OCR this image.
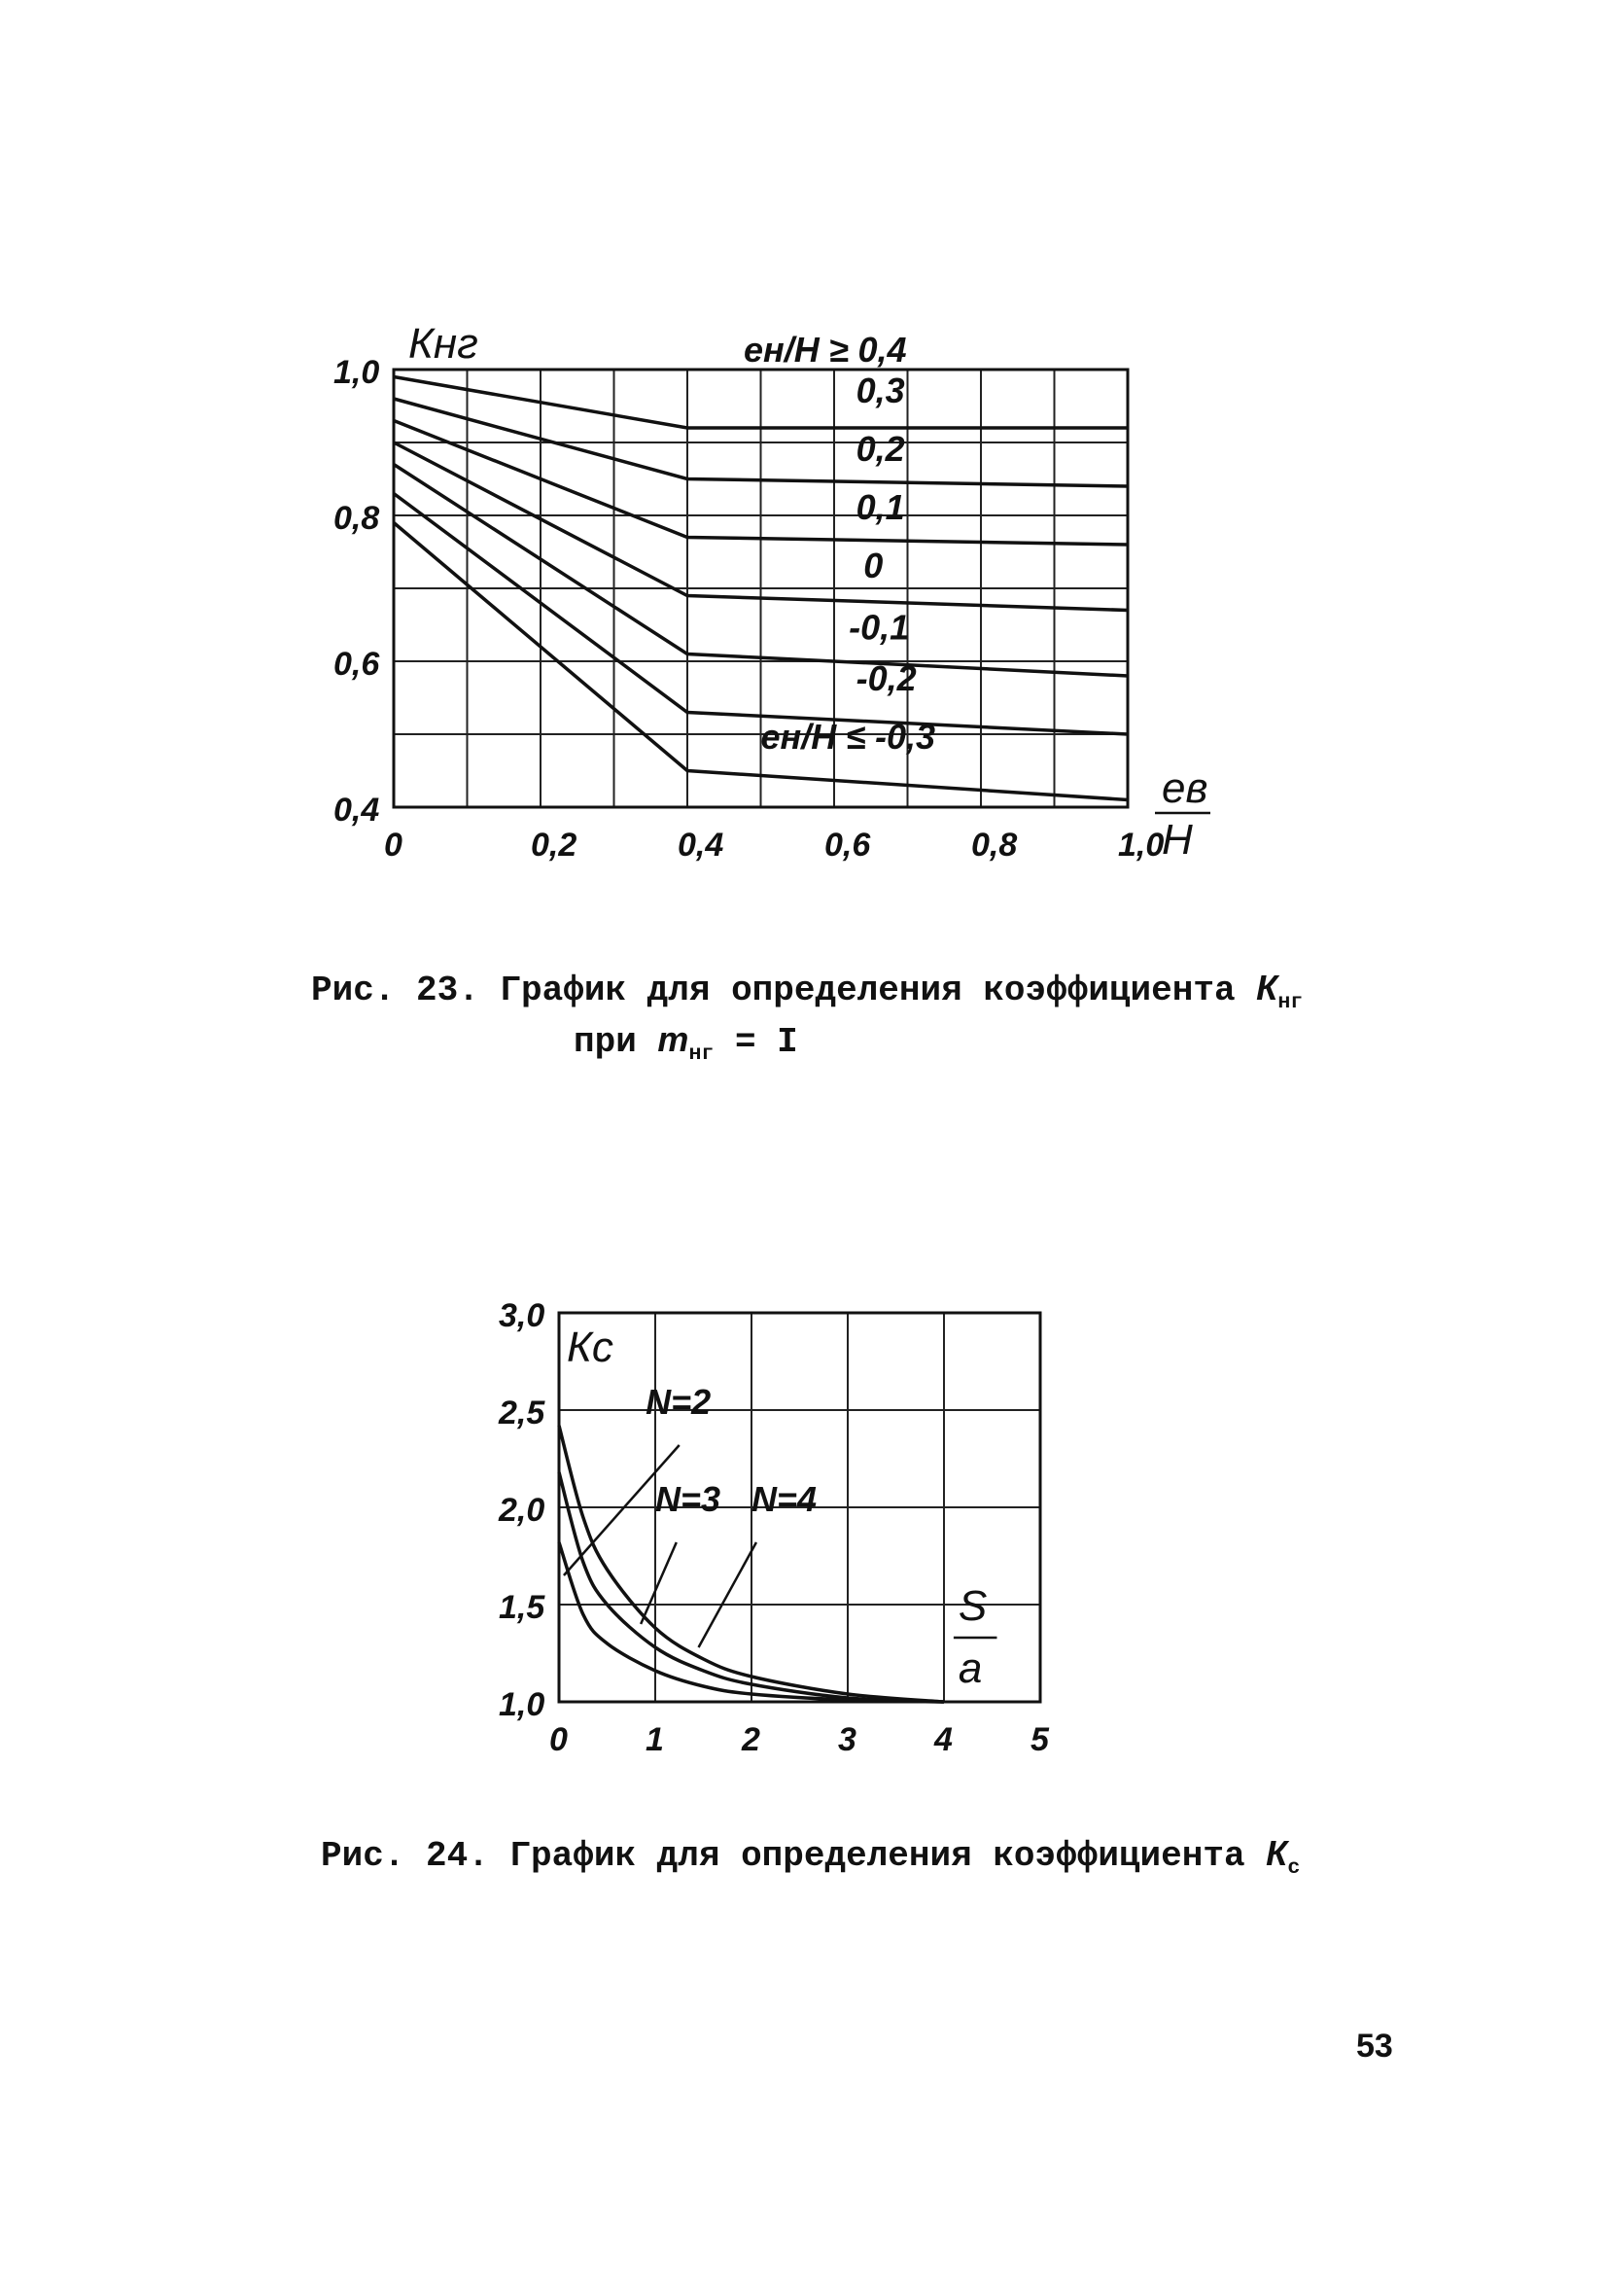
0	0,2	0,4	0,6	0,8	1,0
0,4
0,6
0,8
1,0
Кнг
eв
H
eн/H ≥ 0,4
0,3
0,2
0,1
0
-0,1
-0,2
eн/H ≤ -0,3
0 1 2 3 4 5
1,0
1,5
2,0
2,5
3,0
Кс
S
a
N=2
N=3 N=4
Рис. 23. График для определения коэффициента $К_{нг}$
при $m_{нг} = I$
Рис. 24. График для определения коэффициента $К_с$
53
